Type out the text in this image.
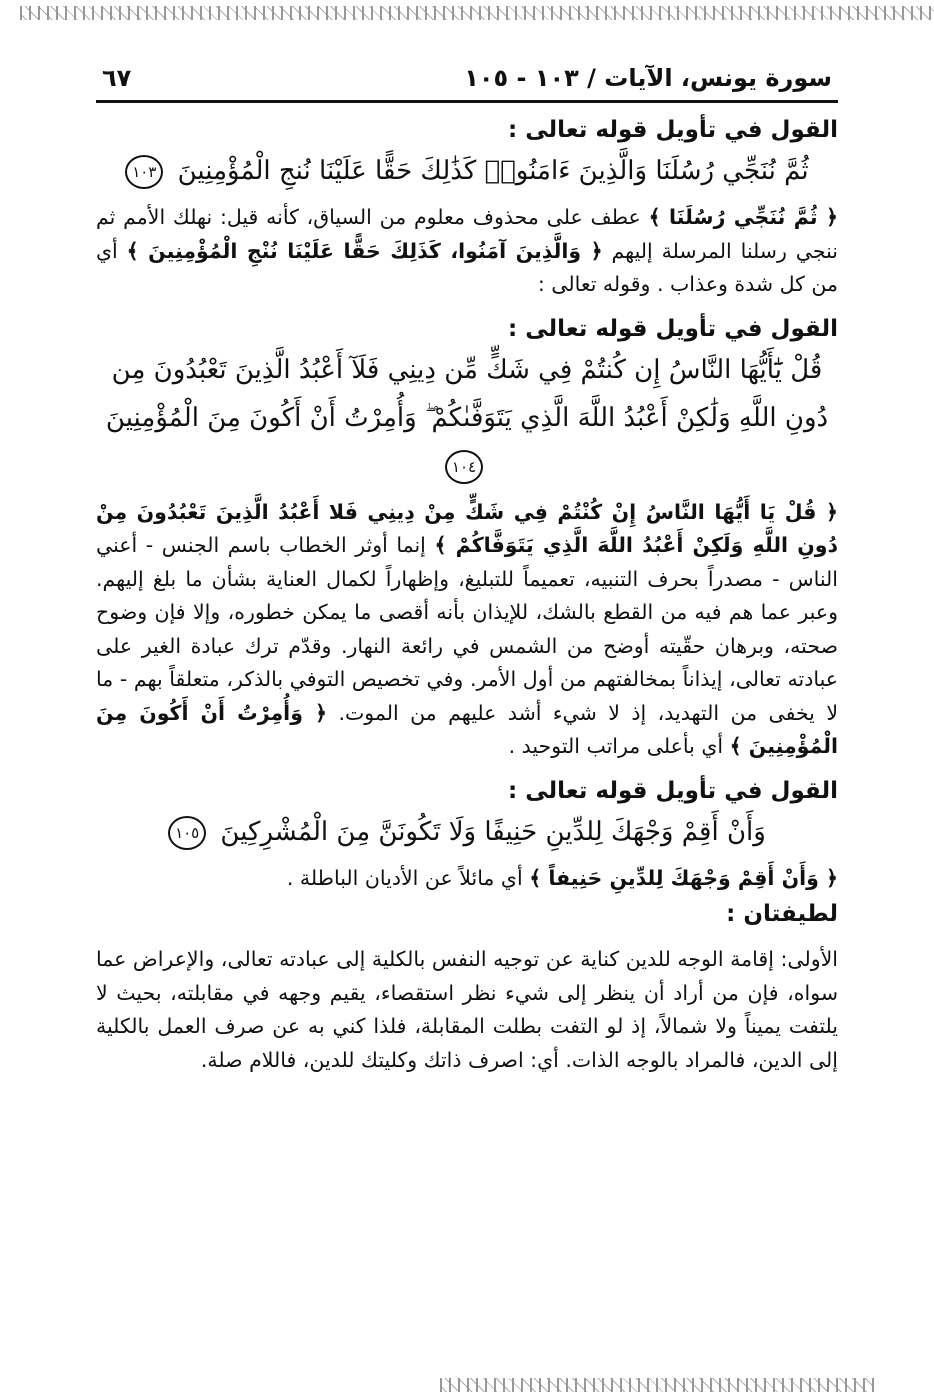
سورة يونس، الآيات / ١٠٣ - ١٠٥
٦٧
القول في تأويل قوله تعالى :
ثُمَّ نُنَجِّي رُسُلَنَا وَالَّذِينَ ءَامَنُوا۟ كَذَٰلِكَ حَقًّا عَلَيْنَا نُنجِ الْمُؤْمِنِينَ ١٠٣
﴿ ثُمَّ نُنَجِّي رُسُلَنَا ﴾ عطف على محذوف معلوم من السياق، كأنه قيل: نهلك الأمم ثم ننجي رسلنا المرسلة إليهم ﴿ وَالَّذِينَ آمَنُوا، كَذَلِكَ حَقًّا عَلَيْنَا نُنْجِ الْمُؤْمِنِينَ ﴾ أي من كل شدة وعذاب . وقوله تعالى :
القول في تأويل قوله تعالى :
قُلْ يَٰٓأَيُّهَا النَّاسُ إِن كُنتُمْ فِي شَكٍّ مِّن دِينِي فَلَآ أَعْبُدُ الَّذِينَ تَعْبُدُونَ مِن دُونِ اللَّهِ وَلَٰكِنْ أَعْبُدُ اللَّهَ الَّذِي يَتَوَفَّىٰكُمْ ۖ وَأُمِرْتُ أَنْ أَكُونَ مِنَ الْمُؤْمِنِينَ ١٠٤
﴿ قُلْ يَا أَيُّهَا النَّاسُ إِنْ كُنْتُمْ فِي شَكٍّ مِنْ دِينِي فَلا أَعْبُدُ الَّذِينَ تَعْبُدُونَ مِنْ دُونِ اللَّهِ وَلَكِنْ أَعْبُدُ اللَّهَ الَّذِي يَتَوَفَّاكُمْ ﴾ إنما أوثر الخطاب باسم الجنس - أعني الناس - مصدراً بحرف التنبيه، تعميماً للتبليغ، وإظهاراً لكمال العناية بشأن ما بلغ إليهم. وعبر عما هم فيه من القطع بالشك، للإيذان بأنه أقصى ما يمكن خطوره، وإلا فإن وضوح صحته، وبرهان حقّيته أوضح من الشمس في رائعة النهار. وقدّم ترك عبادة الغير على عبادته تعالى، إيذاناً بمخالفتهم من أول الأمر. وفي تخصيص التوفي بالذكر، متعلقاً بهم - ما لا يخفى من التهديد، إذ لا شيء أشد عليهم من الموت. ﴿ وَأُمِرْتُ أَنْ أَكُونَ مِنَ الْمُؤْمِنِينَ ﴾ أي بأعلى مراتب التوحيد .
القول في تأويل قوله تعالى :
وَأَنْ أَقِمْ وَجْهَكَ لِلدِّينِ حَنِيفًا وَلَا تَكُونَنَّ مِنَ الْمُشْرِكِينَ ١٠٥
﴿ وَأَنْ أَقِمْ وَجْهَكَ لِلدِّينِ حَنِيفاً ﴾ أي مائلاً عن الأديان الباطلة .
لطيفتان :
الأولى: إقامة الوجه للدين كناية عن توجيه النفس بالكلية إلى عبادته تعالى، والإعراض عما سواه، فإن من أراد أن ينظر إلى شيء نظر استقصاء، يقيم وجهه في مقابلته، بحيث لا يلتفت يميناً ولا شمالاً، إذ لو التفت بطلت المقابلة، فلذا كني به عن صرف العمل بالكلية إلى الدين، فالمراد بالوجه الذات. أي: اصرف ذاتك وكليتك للدين، فاللام صلة.
